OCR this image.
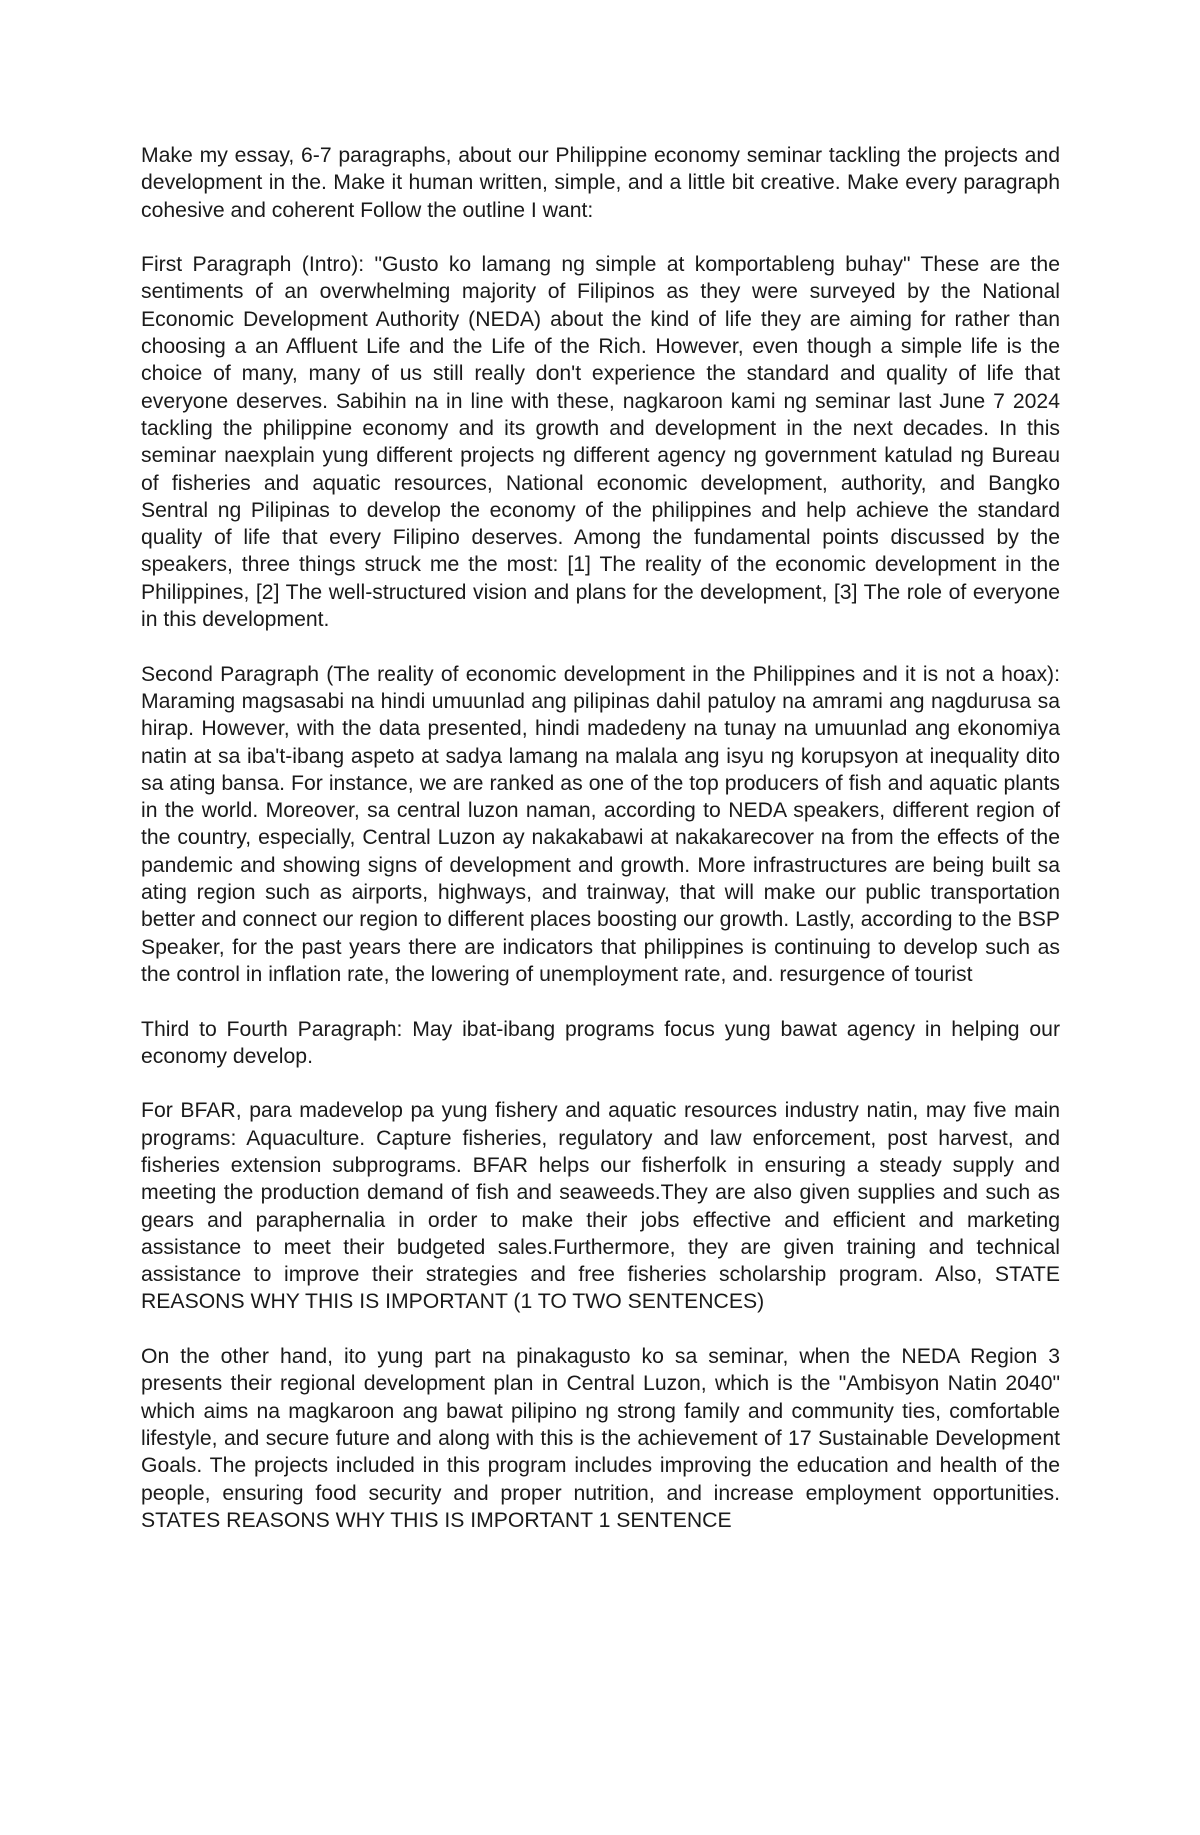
Make my essay, 6-7 paragraphs, about our Philippine economy seminar tackling the projects and development in the. Make it human written, simple, and a little bit creative. Make every paragraph cohesive and coherent Follow the outline I want:

First Paragraph (Intro): "Gusto ko lamang ng simple at komportableng buhay" These are the sentiments of an overwhelming majority of Filipinos as they were surveyed by the National Economic Development Authority (NEDA) about the kind of life they are aiming for rather than choosing a an Affluent Life and the Life of the Rich. However, even though a simple life is the choice of many, many of us still really don't experience the standard and quality of life that everyone deserves. Sabihin na in line with these, nagkaroon kami ng seminar last June 7 2024 tackling the philippine economy and its growth and development in the next decades. In this seminar naexplain yung different projects ng different agency ng government katulad ng Bureau of fisheries and aquatic resources, National economic development, authority, and Bangko Sentral ng Pilipinas to develop the economy of the philippines and help achieve the standard quality of life that every Filipino deserves. Among the fundamental points discussed by the speakers, three things struck me the most: [1] The reality of the economic development in the Philippines, [2] The well-structured vision and plans for the development, [3] The role of everyone in this development.

Second Paragraph (The reality of economic development in the Philippines and it is not a hoax): Maraming magsasabi na hindi umuunlad ang pilipinas dahil patuloy na amrami ang nagdurusa sa hirap. However, with the data presented, hindi madedeny na tunay na umuunlad ang ekonomiya natin at sa iba't-ibang aspeto at sadya lamang na malala ang isyu ng korupsyon at inequality dito sa ating bansa. For instance, we are ranked as one of the top producers of fish and aquatic plants in the world. Moreover, sa central luzon naman, according to NEDA speakers, different region of the country, especially, Central Luzon ay nakakabawi at nakakarecover na from the effects of the pandemic and showing signs of development and growth. More infrastructures are being built sa ating region such as airports, highways, and trainway, that will make our public transportation better and connect our region to different places boosting our growth. Lastly, according to the BSP Speaker, for the past years there are indicators that philippines is continuing to develop such as the control in inflation rate, the lowering of unemployment rate, and. resurgence of tourist

Third to Fourth Paragraph: May ibat-ibang programs focus yung bawat agency in helping our economy develop.

For BFAR, para madevelop pa yung fishery and aquatic resources industry natin, may five main programs: Aquaculture. Capture fisheries, regulatory and law enforcement, post harvest, and fisheries extension subprograms. BFAR helps our fisherfolk in ensuring a steady supply and meeting the production demand of fish and seaweeds.They are also given supplies and such as gears and paraphernalia in order to make their jobs effective and efficient and marketing assistance to meet their budgeted sales.Furthermore, they are given training and technical assistance to improve their strategies and free fisheries scholarship program. Also, STATE REASONS WHY THIS IS IMPORTANT (1 TO TWO SENTENCES)

On the other hand, ito yung part na pinakagusto ko sa seminar, when the NEDA Region 3 presents their regional development plan in Central Luzon, which is the "Ambisyon Natin 2040" which aims na magkaroon ang bawat pilipino ng strong family and community ties, comfortable lifestyle, and secure future and along with this is the achievement of 17 Sustainable Development Goals. The projects included in this program includes improving the education and health of the people, ensuring food security and proper nutrition, and increase employment opportunities. STATES REASONS WHY THIS IS IMPORTANT 1 SENTENCE
